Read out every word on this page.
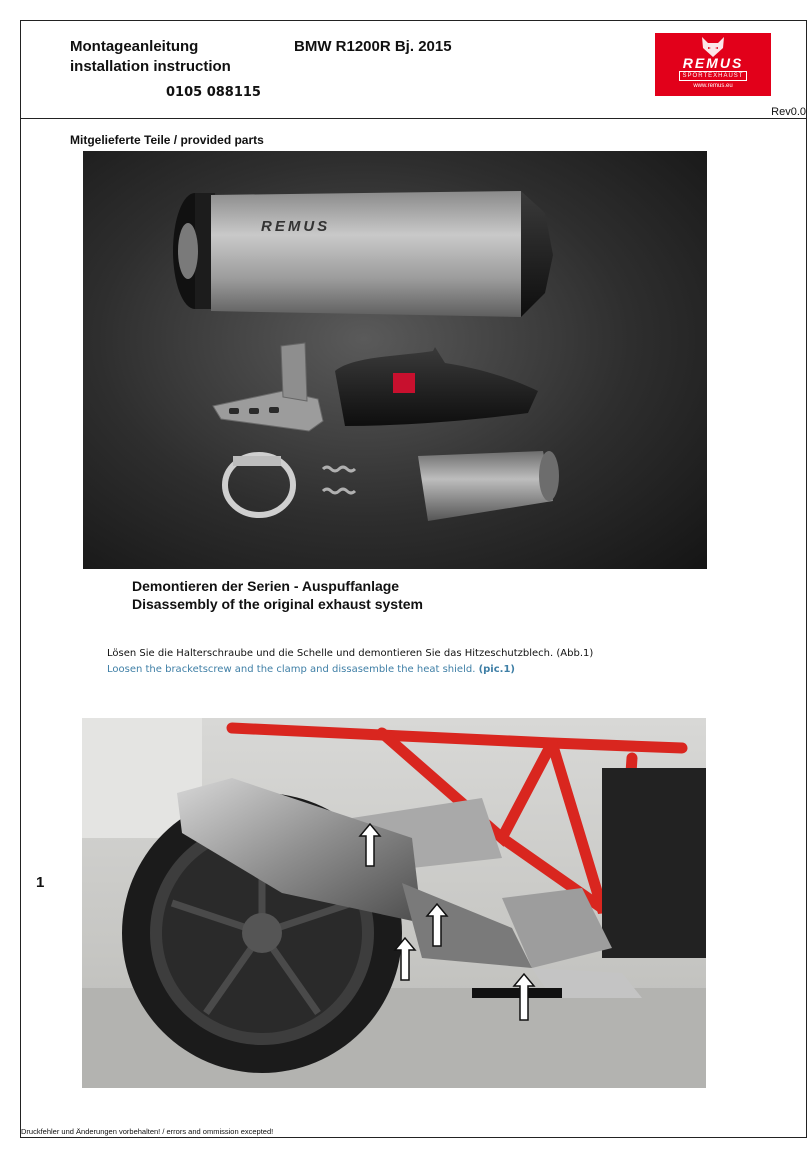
Montageanleitung
installation instruction
BMW R1200R Bj. 2015
0105 088115
REMUS
SPORTEXHAUST
www.remus.eu
Rev0.0
Mitgelieferte Teile / provided parts
REMUS
Demontieren der Serien - Auspuffanlage
Disassembly of the original exhaust system
Lösen Sie die Halterschraube und die Schelle und demontieren Sie das Hitzeschutzblech. (Abb.1)
Loosen the bracketscrew and the clamp and dissasemble the heat shield. (pic.1)
1
Druckfehler und Änderungen vorbehalten! / errors and ommission excepted!
